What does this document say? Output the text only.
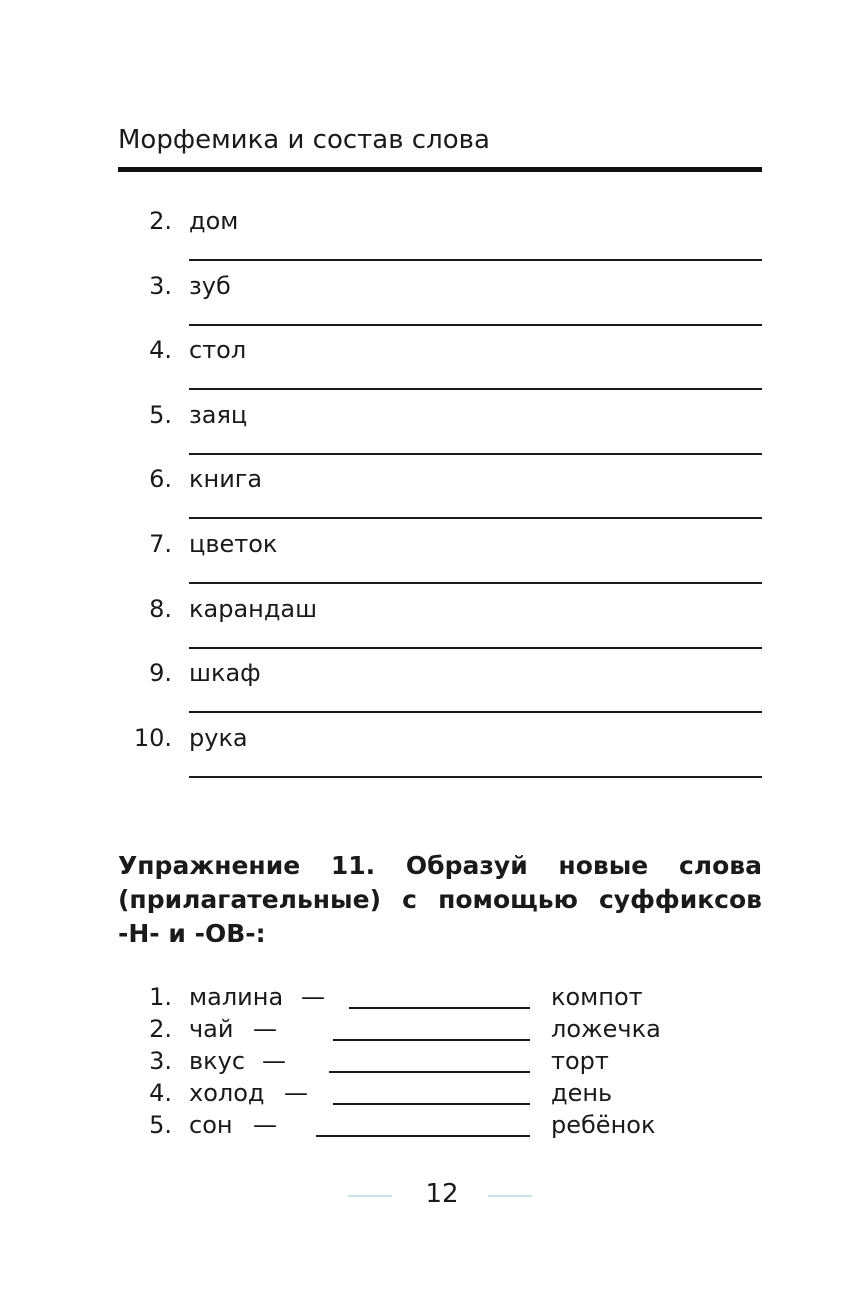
Морфемика и состав слова
2. дом
3. зуб
4. стол
5. заяц
6. книга
7. цветок
8. карандаш
9. шкаф
10. рука
Упражнение 11. Образуй новые слова (прилагательные) с помощью суффиксов -Н- и -ОВ-:
1. малина —	компот
2. чай —	ложечка
3. вкус —	торт
4. холод —	день
5. сон —	ребёнок
12
